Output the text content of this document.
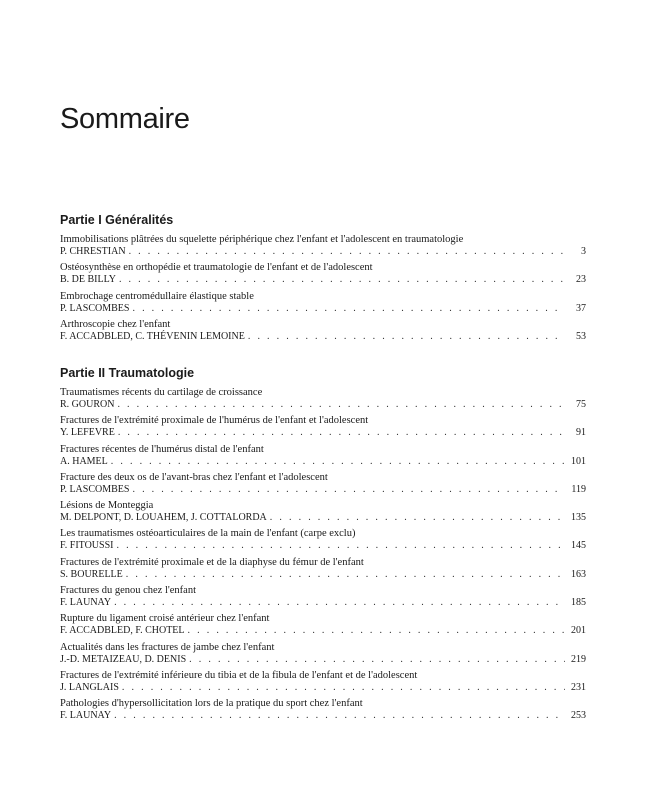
Sommaire
Partie I Généralités
Immobilisations plâtrées du squelette périphérique chez l'enfant et l'adolescent en traumatologie
P. CHRESTIAN . . .	3
Ostéosynthèse en orthopédie et traumatologie de l'enfant et de l'adolescent
B. DE BILLY . . .	23
Embrochage centromédullaire élastique stable
P. LASCOMBES . . .	37
Arthroscopie chez l'enfant
F. ACCADBLED, C. THÉVENIN LEMOINE . . .	53
Partie II Traumatologie
Traumatismes récents du cartilage de croissance
R. GOURON . . .	75
Fractures de l'extrémité proximale de l'humérus de l'enfant et l'adolescent
Y. LEFEVRE . . .	91
Fractures récentes de l'humérus distal de l'enfant
A. HAMEL . . .	101
Fracture des deux os de l'avant-bras chez l'enfant et l'adolescent
P. LASCOMBES . . .	119
Lésions de Monteggia
M. DELPONT, D. LOUAHEM, J. COTTALORDA . . .	135
Les traumatismes ostéoarticulaires de la main de l'enfant (carpe exclu)
F. FITOUSSI . . .	145
Fractures de l'extrémité proximale et de la diaphyse du fémur de l'enfant
S. BOURELLE . . .	163
Fractures du genou chez l'enfant
F. LAUNAY . . .	185
Rupture du ligament croisé antérieur chez l'enfant
F. ACCADBLED, F. CHOTEL . . .	201
Actualités dans les fractures de jambe chez l'enfant
J.-D. METAIZEAU, D. DENIS . . .	219
Fractures de l'extrémité inférieure du tibia et de la fibula de l'enfant et de l'adolescent
J. LANGLAIS . . .	231
Pathologies d'hypersollicitation lors de la pratique du sport chez l'enfant
F. LAUNAY . . .	253
